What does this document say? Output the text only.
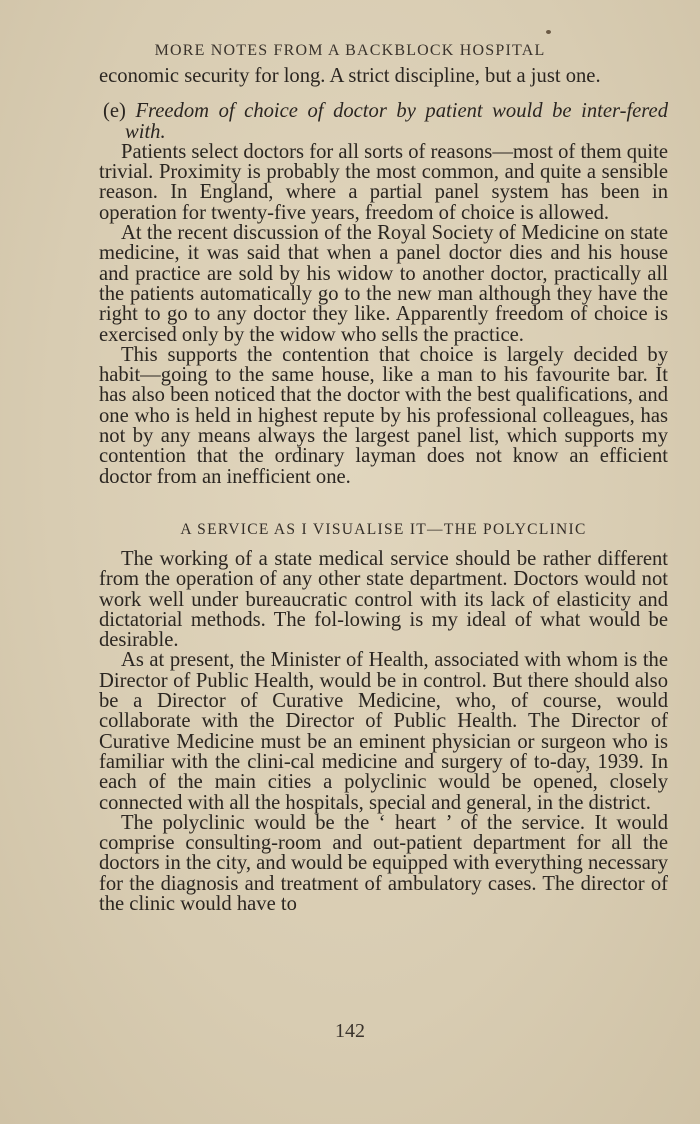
MORE NOTES FROM A BACKBLOCK HOSPITAL

economic security for long. A strict discipline, but a just one.

(e) Freedom of choice of doctor by patient would be inter-fered with.

Patients select doctors for all sorts of reasons—most of them quite trivial. Proximity is probably the most common, and quite a sensible reason. In England, where a partial panel system has been in operation for twenty-five years, freedom of choice is allowed.

At the recent discussion of the Royal Society of Medicine on state medicine, it was said that when a panel doctor dies and his house and practice are sold by his widow to another doctor, practically all the patients automatically go to the new man although they have the right to go to any doctor they like. Apparently freedom of choice is exercised only by the widow who sells the practice.

This supports the contention that choice is largely decided by habit—going to the same house, like a man to his favourite bar. It has also been noticed that the doctor with the best qualifications, and one who is held in highest repute by his professional colleagues, has not by any means always the largest panel list, which supports my contention that the ordinary layman does not know an efficient doctor from an inefficient one.

A SERVICE AS I VISUALISE IT—THE POLYCLINIC

The working of a state medical service should be rather different from the operation of any other state department. Doctors would not work well under bureaucratic control with its lack of elasticity and dictatorial methods. The fol-lowing is my ideal of what would be desirable.

As at present, the Minister of Health, associated with whom is the Director of Public Health, would be in control. But there should also be a Director of Curative Medicine, who, of course, would collaborate with the Director of Public Health. The Director of Curative Medicine must be an eminent physician or surgeon who is familiar with the clini-cal medicine and surgery of to-day, 1939. In each of the main cities a polyclinic would be opened, closely connected with all the hospitals, special and general, in the district.

The polyclinic would be the ‘ heart ’ of the service. It would comprise consulting-room and out-patient department for all the doctors in the city, and would be equipped with everything necessary for the diagnosis and treatment of ambulatory cases. The director of the clinic would have to

142
